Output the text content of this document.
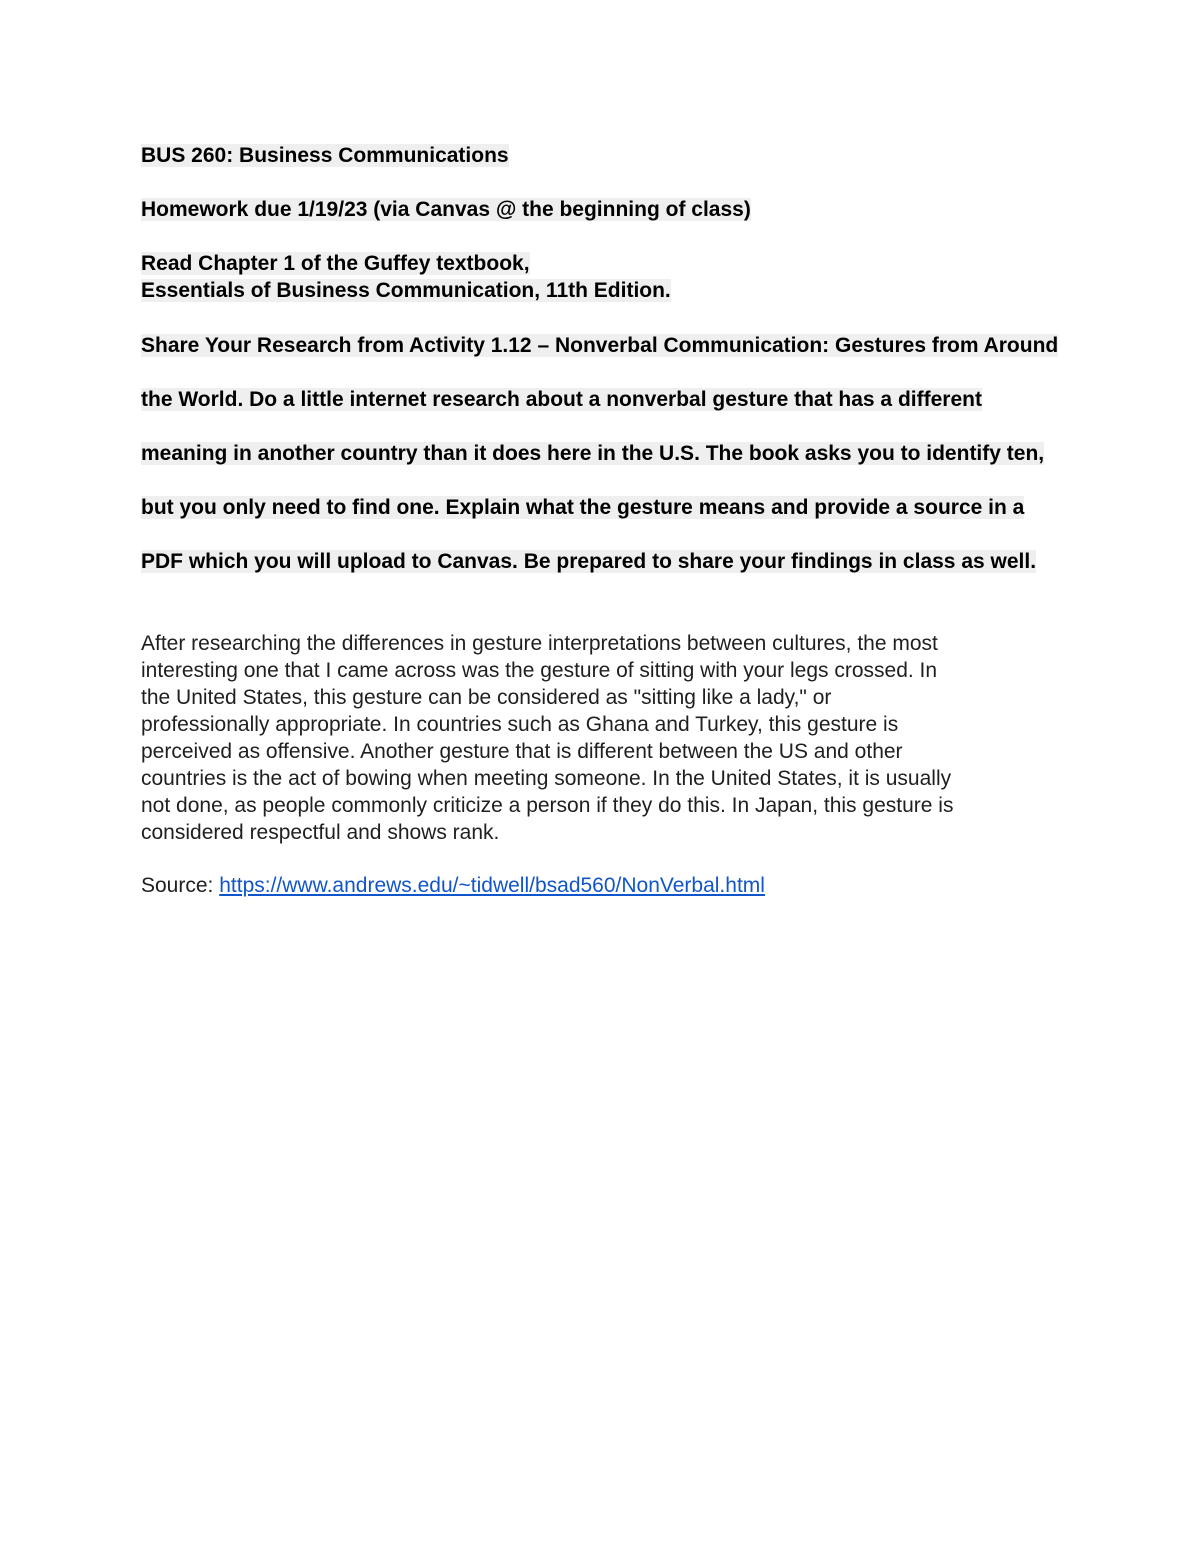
BUS 260: Business Communications
Homework due 1/19/23 (via Canvas @ the beginning of class)
Read Chapter 1 of the Guffey textbook,
Essentials of Business Communication, 11th Edition.
Share Your Research from Activity 1.12 – Nonverbal Communication: Gestures from Around
the World. Do a little internet research about a nonverbal gesture that has a different
meaning in another country than it does here in the U.S. The book asks you to identify ten,
but you only need to find one. Explain what the gesture means and provide a source in a
PDF which you will upload to Canvas. Be prepared to share your findings in class as well.
After researching the differences in gesture interpretations between cultures, the most
interesting one that I came across was the gesture of sitting with your legs crossed. In
the United States, this gesture can be considered as "sitting like a lady," or
professionally appropriate. In countries such as Ghana and Turkey, this gesture is
perceived as offensive. Another gesture that is different between the US and other
countries is the act of bowing when meeting someone. In the United States, it is usually
not done, as people commonly criticize a person if they do this. In Japan, this gesture is
considered respectful and shows rank.
Source: https://www.andrews.edu/~tidwell/bsad560/NonVerbal.html
